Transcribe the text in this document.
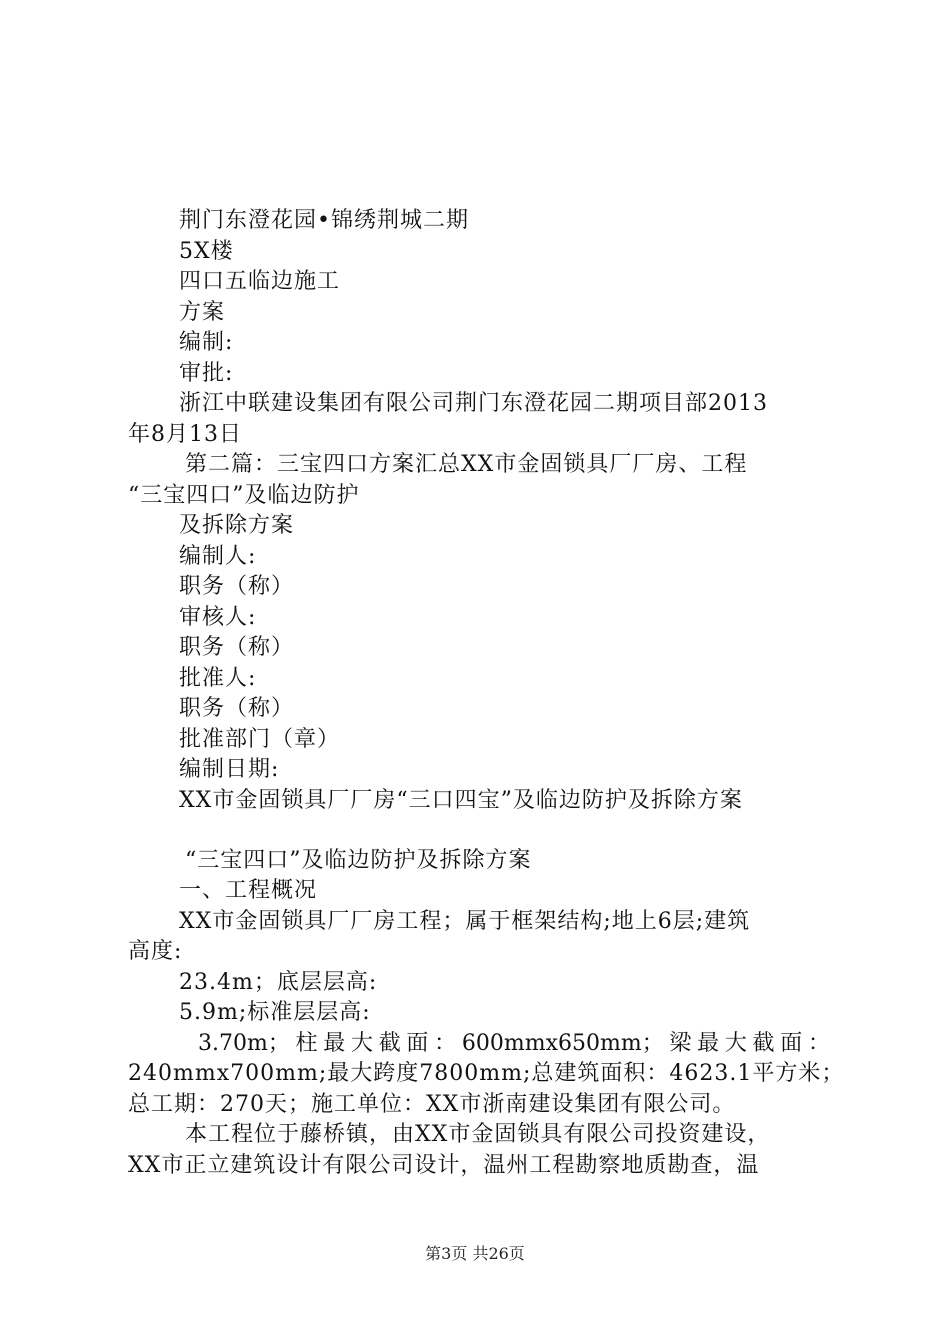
荆门东澄花园•锦绣荆城二期
5X楼
四口五临边施工
方案
编制:
审批:
浙江中联建设集团有限公司荆门东澄花园二期项目部2013
年8月13日
第二篇：三宝四口方案汇总XX市金固锁具厂厂房、工程
“三宝四口”及临边防护
及拆除方案
编制人:
职务（称）
审核人:
职务（称）
批准人:
职务（称）
批准部门（章）
编制日期:
XX市金固锁具厂厂房“三口四宝”及临边防护及拆除方案
“三宝四口”及临边防护及拆除方案
一、工程概况
XX市金固锁具厂厂房工程；属于框架结构;地上6层;建筑
高度:
23.4m；底层层高:
5.9m;标准层层高:
3.70m；柱最大截面：600mmx650mm；梁最大截面：
240mmx700mm;最大跨度7800mm;总建筑面积：4623.1平方米；
总工期：270天；施工单位：XX市浙南建设集团有限公司。
本工程位于藤桥镇，由XX市金固锁具有限公司投资建设，
XX市正立建筑设计有限公司设计，温州工程勘察地质勘查，温
第3页 共26页
